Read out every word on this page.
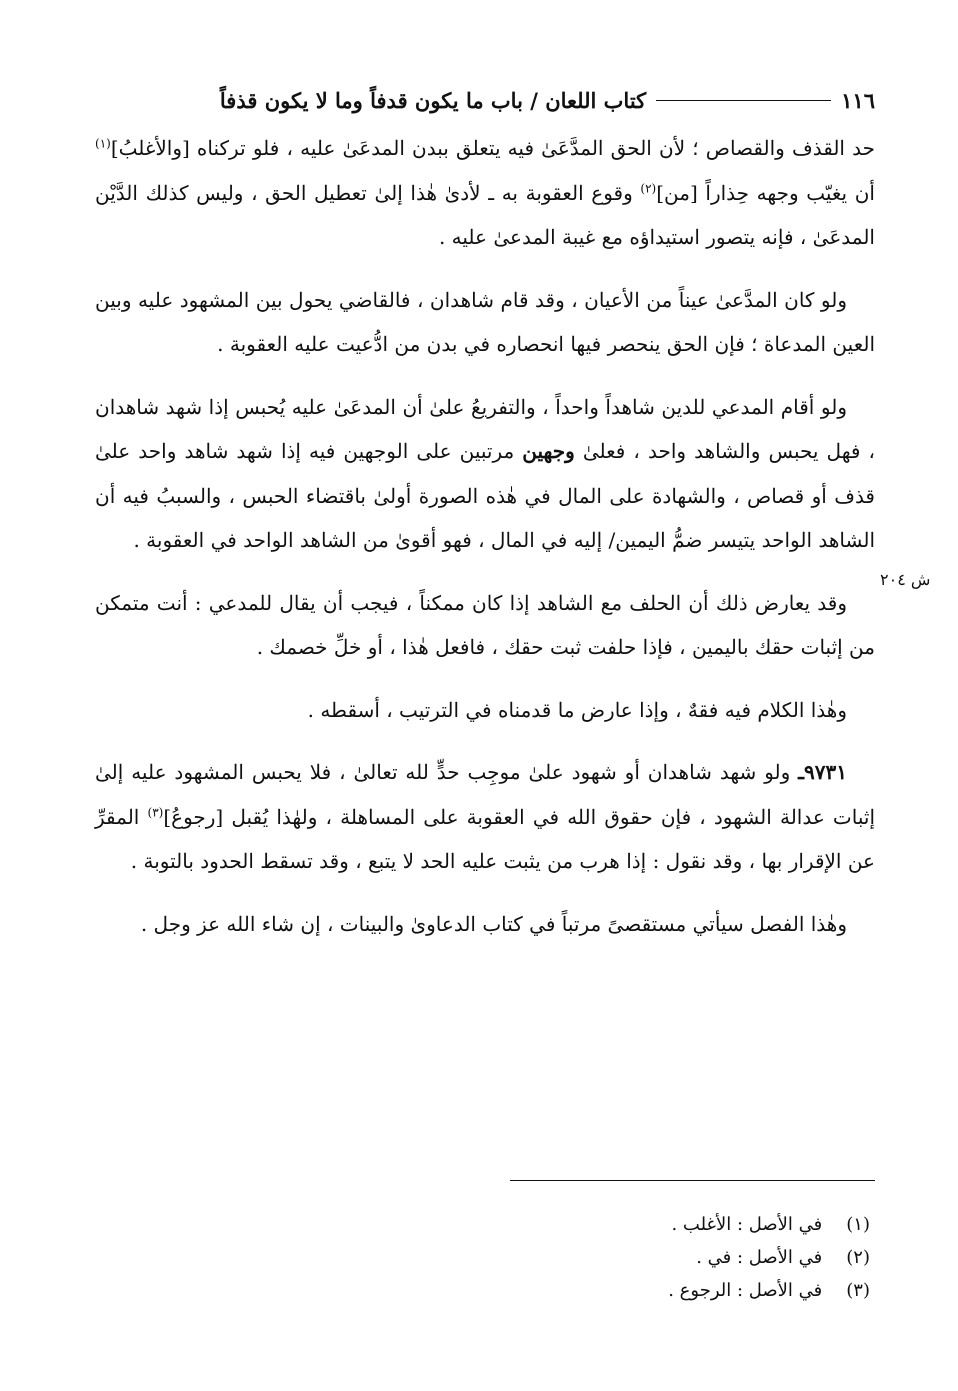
١١٦
كتاب اللعان / باب ما يكون قدفاً وما لا يكون قذفاً
ش ٢٠٤

حد القذف والقصاص ؛ لأن الحق المدَّعَىٰ فيه يتعلق ببدن المدعَىٰ عليه ، فلو تركناه [والأغلبُ]$^{(١)}$ أن يغيّب وجهه حِذاراً [من]$^{(٢)}$ وقوع العقوبة به ـ لأدىٰ هٰذا إلىٰ تعطيل الحق ، وليس كذلك الدَّيْن المدعَىٰ ، فإنه يتصور استيداؤه مع غيبة المدعىٰ عليه .

ولو كان المدَّعىٰ عيناً من الأعيان ، وقد قام شاهدان ، فالقاضي يحول بين المشهود عليه وبين العين المدعاة ؛ فإن الحق ينحصر فيها انحصاره في بدن من ادُّعيت عليه العقوبة .

ولو أقام المدعي للدين شاهداً واحداً ، والتفريعُ علىٰ أن المدعَىٰ عليه يُحبس إذا شهد شاهدان ، فهل يحبس والشاهد واحد ، فعلىٰ وجهين مرتبين على الوجهين فيه إذا شهد شاهد واحد علىٰ قذف أو قصاص ، والشهادة على المال في هٰذه الصورة أولىٰ باقتضاء الحبس ، والسببُ فيه أن الشاهد الواحد يتيسر ضمُّ اليمين/ إليه في المال ، فهو أقوىٰ من الشاهد الواحد في العقوبة .

وقد يعارض ذلك أن الحلف مع الشاهد إذا كان ممكناً ، فيجب أن يقال للمدعي : أنت متمكن من إثبات حقك باليمين ، فإذا حلفت ثبت حقك ، فافعل هٰذا ، أو خلِّ خصمك .

وهٰذا الكلام فيه فقهٌ ، وإذا عارض ما قدمناه في الترتيب ، أسقطه .

٩٧٣١ـ ولو شهد شاهدان أو شهود علىٰ موجِب حدٍّ لله تعالىٰ ، فلا يحبس المشهود عليه إلىٰ إثبات عدالة الشهود ، فإن حقوق الله في العقوبة على المساهلة ، ولهٰذا يُقبل [رجوعُ]$^{(٣)}$ المقرِّ عن الإقرار بها ، وقد نقول : إذا هرب من يثبت عليه الحد لا يتبع ، وقد تسقط الحدود بالتوبة .

وهٰذا الفصل سيأتي مستقصىً مرتباً في كتاب الدعاوىٰ والبينات ، إن شاء الله عز وجل .

(١) في الأصل : الأغلب .
(٢) في الأصل : في .
(٣) في الأصل : الرجوع .
